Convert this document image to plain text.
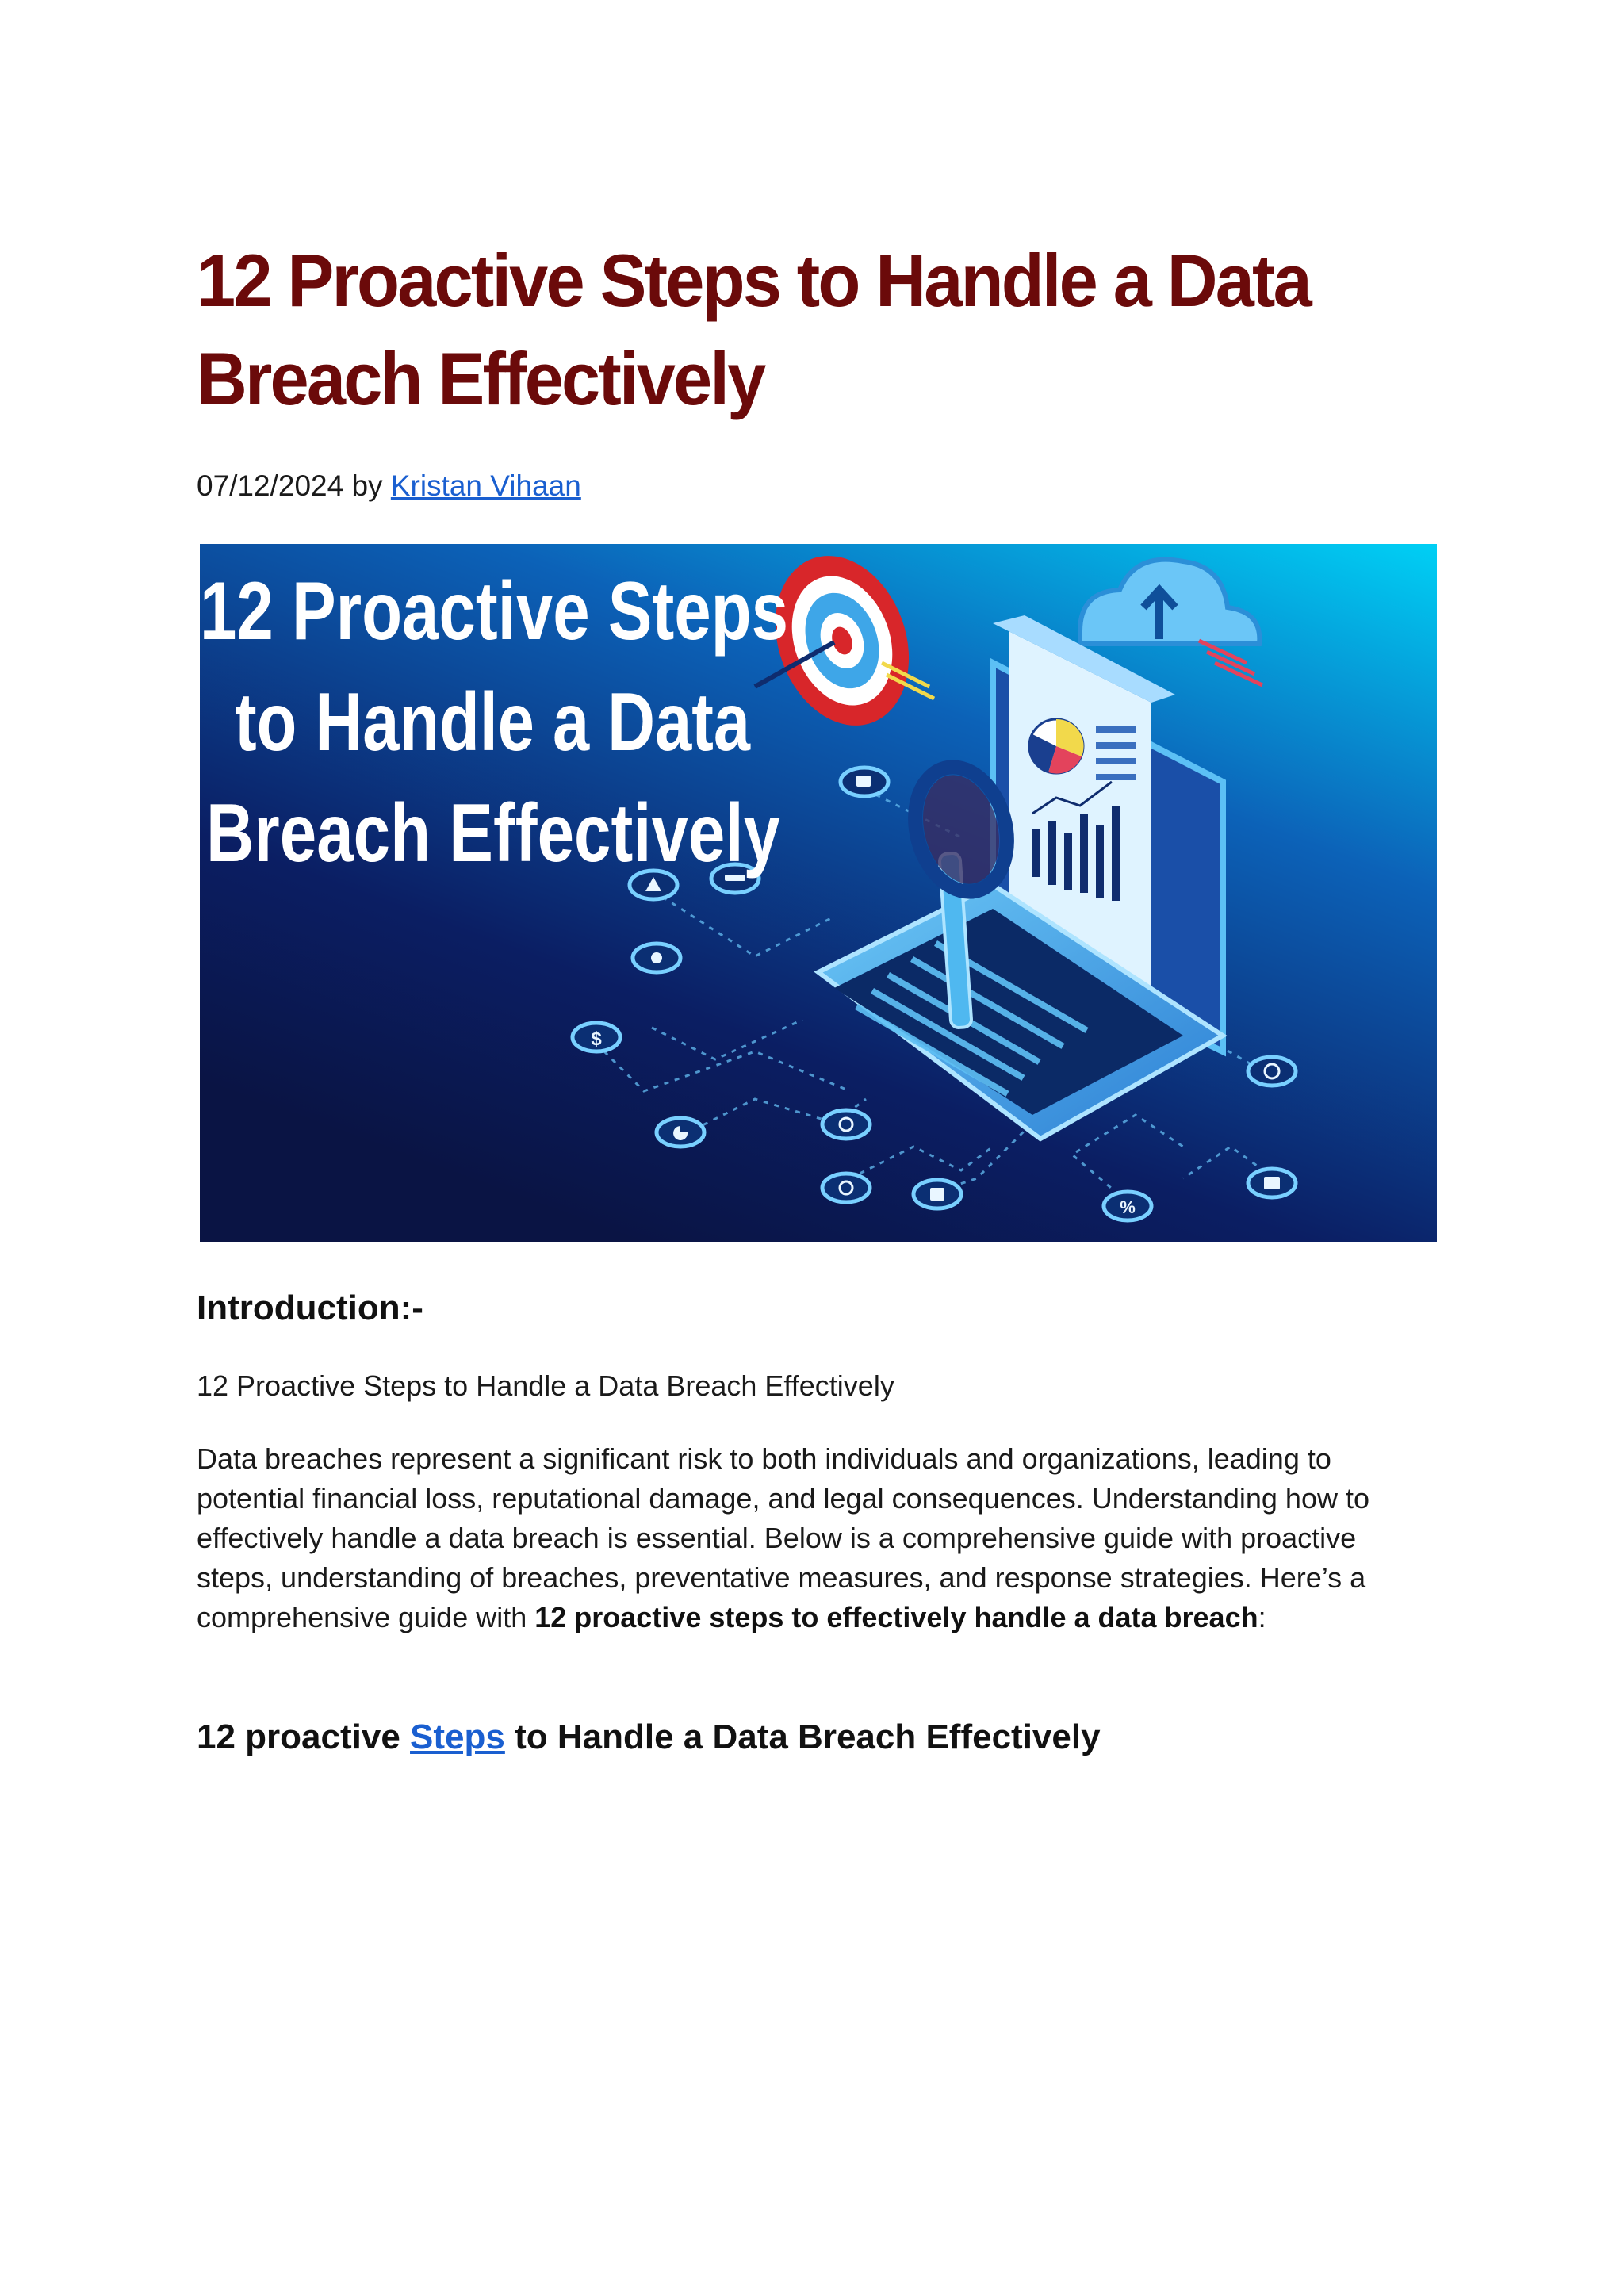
12 Proactive Steps to Handle a Data Breach Effectively
07/12/2024 by Kristan Vihaan
$
%
12 Proactive Steps
to Handle a Data
Breach Effectively
Introduction:-

12 Proactive Steps to Handle a Data Breach Effectively

Data breaches represent a significant risk to both individuals and organizations, leading to potential financial loss, reputational damage, and legal consequences. Understanding how to effectively handle a data breach is essential. Below is a comprehensive guide with proactive steps, understanding of breaches, preventative measures, and response strategies. Here’s a comprehensive guide with 12 proactive steps to effectively handle a data breach:

12 proactive Steps to Handle a Data Breach Effectively
